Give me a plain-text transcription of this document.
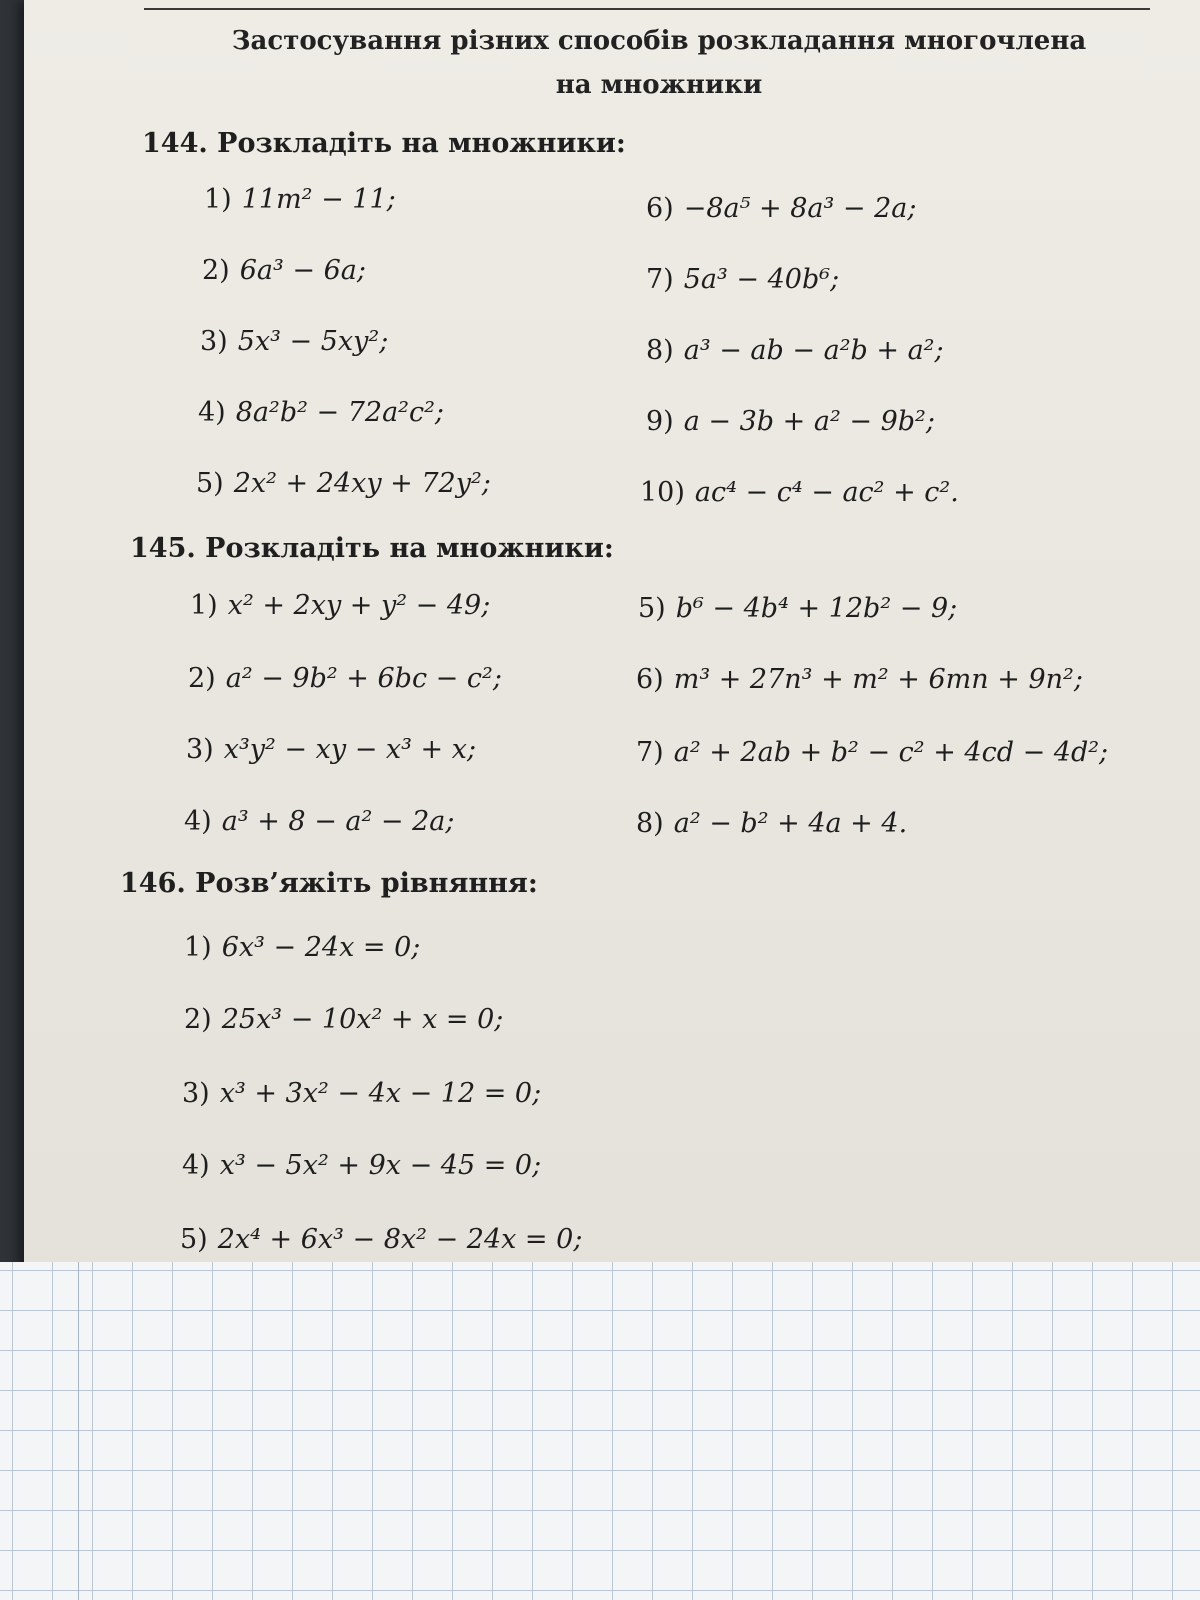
Застосування різних способів розкладання многочлена
на множники
144. Розкладіть на множники:
1) 11m² − 11;
2) 6a³ − 6a;
3) 5x³ − 5xy²;
4) 8a²b² − 72a²c²;
5) 2x² + 24xy + 72y²;
6) −8a⁵ + 8a³ − 2a;
7) 5a³ − 40b⁶;
8) a³ − ab − a²b + a²;
9) a − 3b + a² − 9b²;
10) ac⁴ − c⁴ − ac² + c².
145. Розкладіть на множники:
1) x² + 2xy + y² − 49;
2) a² − 9b² + 6bc − c²;
3) x³y² − xy − x³ + x;
4) a³ + 8 − a² − 2a;
5) b⁶ − 4b⁴ + 12b² − 9;
6) m³ + 27n³ + m² + 6mn + 9n²;
7) a² + 2ab + b² − c² + 4cd − 4d²;
8) a² − b² + 4a + 4.
146. Розв’яжіть рівняння:
1) 6x³ − 24x = 0;
2) 25x³ − 10x² + x = 0;
3) x³ + 3x² − 4x − 12 = 0;
4) x³ − 5x² + 9x − 45 = 0;
5) 2x⁴ + 6x³ − 8x² − 24x = 0;
